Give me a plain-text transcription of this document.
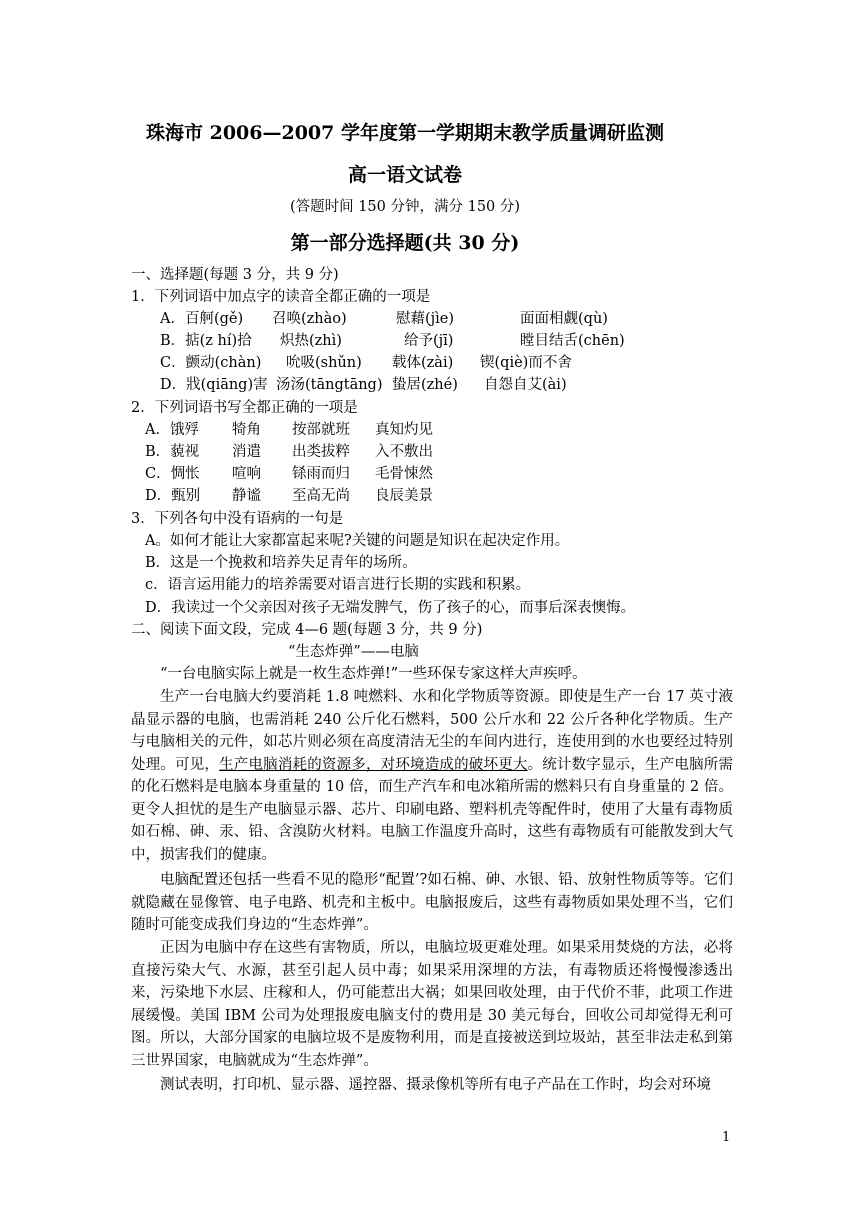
珠海市 2006—2007 学年度第一学期期末教学质量调研监测
高一语文试卷
(答题时间 150 分钟，满分 150 分)
第一部分选择题(共 30 分)
一、选择题(每题 3 分，共 9 分)
1．下列词语中加点字的读音全都正确的一项是
A．百舸(gě) 召唤(zhào)	慰藉(jìe)	面面相觑(qù)
B．掂(z hí)拾 炽热(zhì)	给予(jī)	瞠目结舌(chēn)
C．颤动(chàn) 吮吸(shǔn) 载体(zài) 锲(qiè)而不舍
D．戕(qiāng)害 汤汤(tāngtāng) 蛰居(zhé) 自怨自艾(ài)
2．下列词语书写全都正确的一项是
A．饿殍 犄角 按部就班 真知灼见
B．藐视 消遣 出类拔粹 入不敷出
C．惆怅 喧响 铩雨而归 毛骨悚然
D．甄别 静谧 至高无尚 良辰美景
3．下列各句中没有语病的一句是
A。如何才能让大家都富起来呢?关键的问题是知识在起决定作用。
B．这是一个挽救和培养失足青年的场所。
c．语言运用能力的培养需要对语言进行长期的实践和积累。
D．我读过一个父亲因对孩子无端发脾气，伤了孩子的心，而事后深表懊悔。
二、阅读下面文段，完成 4—6 题(每题 3 分，共 9 分)
“生态炸弹”——电脑
“一台电脑实际上就是一枚生态炸弹!”一些环保专家这样大声疾呼。
生产一台电脑大约要消耗 1.8 吨燃料、水和化学物质等资源。即使是生产一台 17 英寸液晶显示器的电脑，也需消耗 240 公斤化石燃料，500 公斤水和 22 公斤各种化学物质。生产与电脑相关的元件，如芯片则必须在高度清洁无尘的车间内进行，连使用到的水也要经过特别处理。可见，生产电脑消耗的资源多，对环境造成的破坏更大。统计数字显示，生产电脑所需的化石燃料是电脑本身重量的 10 倍，而生产汽车和电冰箱所需的燃料只有自身重量的 2 倍。更令人担忧的是生产电脑显示器、芯片、印刷电路、塑料机壳等配件时，使用了大量有毒物质如石棉、砷、汞、铅、含溴防火材料。电脑工作温度升高时，这些有毒物质有可能散发到大气中，损害我们的健康。
电脑配置还包括一些看不见的隐形“配置’?如石棉、砷、水银、铅、放射性物质等等。它们就隐藏在显像管、电子电路、机壳和主板中。电脑报废后，这些有毒物质如果处理不当，它们随时可能变成我们身边的“生态炸弹”。
正因为电脑中存在这些有害物质，所以，电脑垃圾更难处理。如果采用焚烧的方法，必将直接污染大气、水源，甚至引起人员中毒；如果采用深埋的方法，有毒物质还将慢慢渗透出来，污染地下水层、庄稼和人，仍可能惹出大祸；如果回收处理，由于代价不菲，此项工作进展缓慢。美国 IBM 公司为处理报废电脑支付的费用是 30 美元每台，回收公司却觉得无利可图。所以，大部分国家的电脑垃圾不是废物利用，而是直接被送到垃圾站，甚至非法走私到第三世界国家，电脑就成为“生态炸弹”。
测试表明，打印机、显示器、遥控器、摄录像机等所有电子产品在工作时，均会对环境
1
